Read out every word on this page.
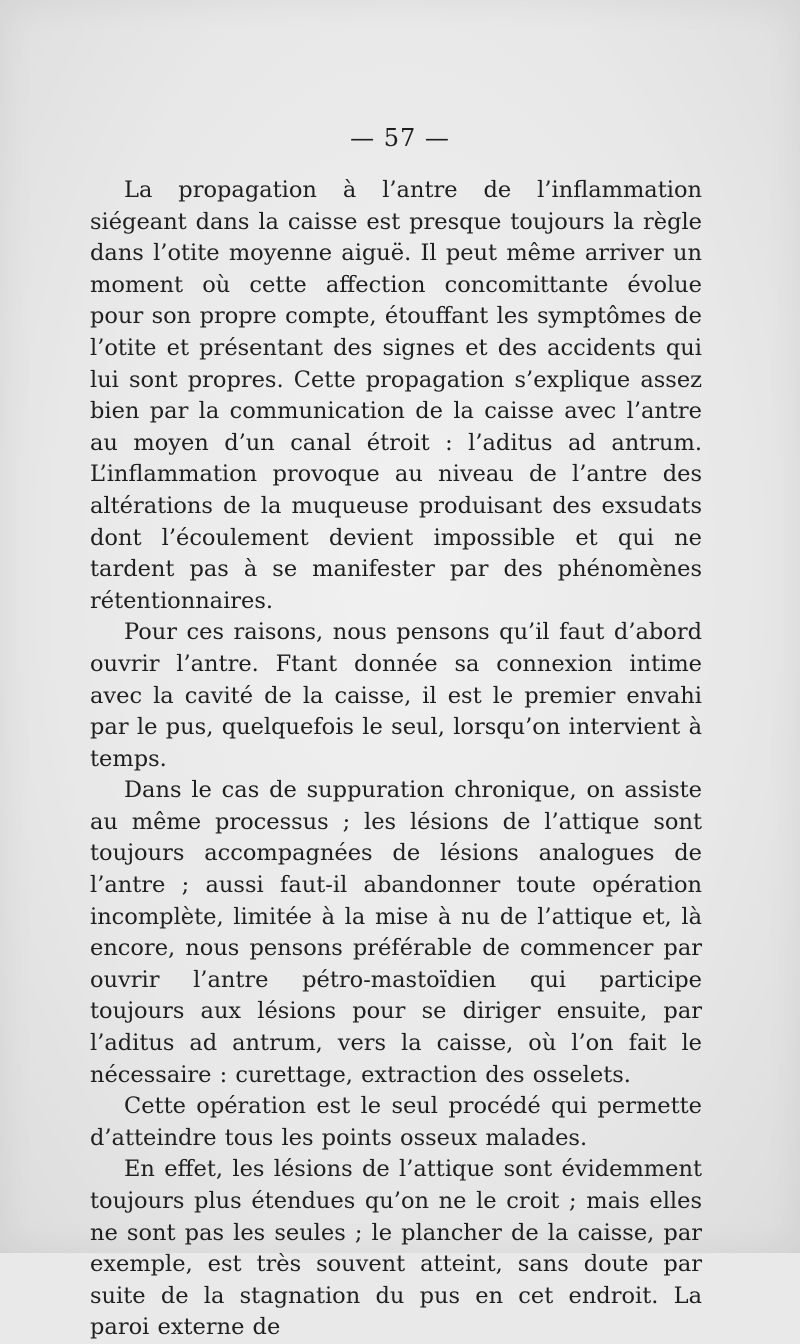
— 57 —

La propagation à l’antre de l’inflammation siégeant dans la caisse est presque toujours la règle dans l’otite moyenne aiguë. Il peut même arriver un moment où cette affection concomittante évolue pour son propre compte, étouffant les symptômes de l’otite et présentant des signes et des accidents qui lui sont propres. Cette propagation s’explique assez bien par la communication de la caisse avec l’antre au moyen d’un canal étroit : l’aditus ad antrum. L’inflammation provoque au niveau de l’antre des altérations de la muqueuse produisant des exsudats dont l’écoulement devient impossible et qui ne tardent pas à se manifester par des phénomènes rétentionnaires.

Pour ces raisons, nous pensons qu’il faut d’abord ouvrir l’antre. Ftant donnée sa connexion intime avec la cavité de la caisse, il est le premier envahi par le pus, quelquefois le seul, lorsqu’on intervient à temps.

Dans le cas de suppuration chronique, on assiste au même processus ; les lésions de l’attique sont toujours accompagnées de lésions analogues de l’antre ; aussi faut-il abandonner toute opération incomplète, limitée à la mise à nu de l’attique et, là encore, nous pensons préférable de commencer par ouvrir l’antre pétro-mastoïdien qui participe toujours aux lésions pour se diriger ensuite, par l’aditus ad antrum, vers la caisse, où l’on fait le nécessaire : curettage, extraction des osselets.

Cette opération est le seul procédé qui permette d’atteindre tous les points osseux malades.

En effet, les lésions de l’attique sont évidemment toujours plus étendues qu’on ne le croit ; mais elles ne sont pas les seules ; le plancher de la caisse, par exemple, est très souvent atteint, sans doute par suite de la stagnation du pus en cet endroit. La paroi externe de
